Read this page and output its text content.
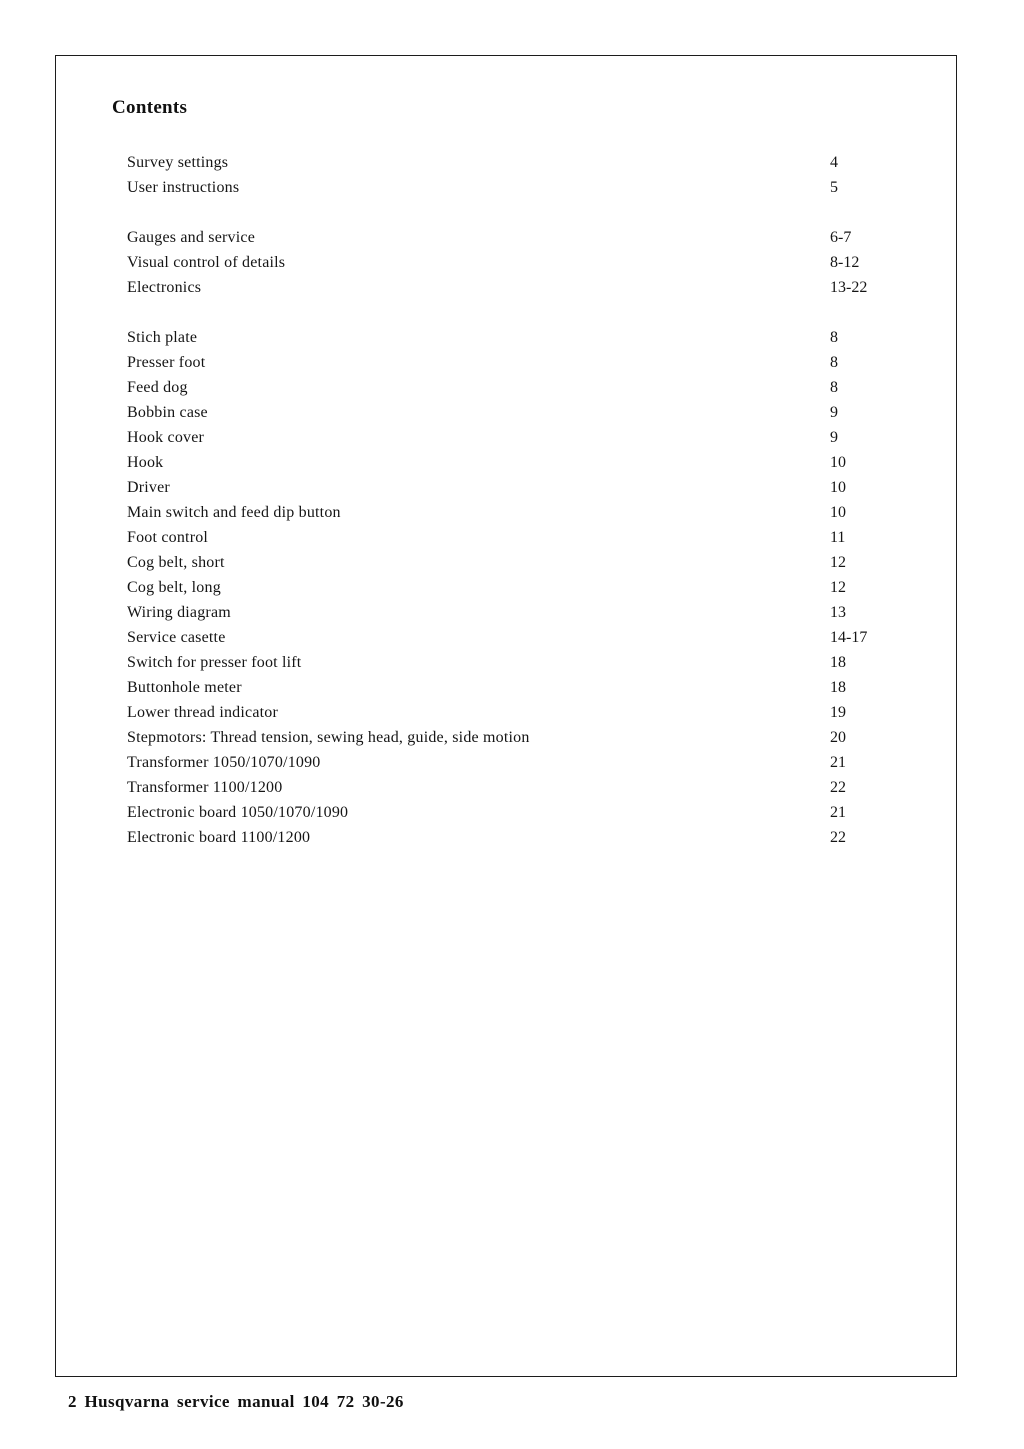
Contents
Survey settings	4
User instructions	5
Gauges and service	6-7
Visual control of details	8-12
Electronics	13-22
Stich plate	8
Presser foot	8
Feed dog	8
Bobbin case	9
Hook cover	9
Hook	10
Driver	10
Main switch and feed dip button	10
Foot control	11
Cog belt, short	12
Cog belt, long	12
Wiring diagram	13
Service casette	14-17
Switch for presser foot lift	18
Buttonhole meter	18
Lower thread indicator	19
Stepmotors: Thread tension, sewing head, guide, side motion	20
Transformer 1050/1070/1090	21
Transformer 1100/1200	22
Electronic board 1050/1070/1090	21
Electronic board 1100/1200	22
2 Husqvarna service manual 104 72 30-26
